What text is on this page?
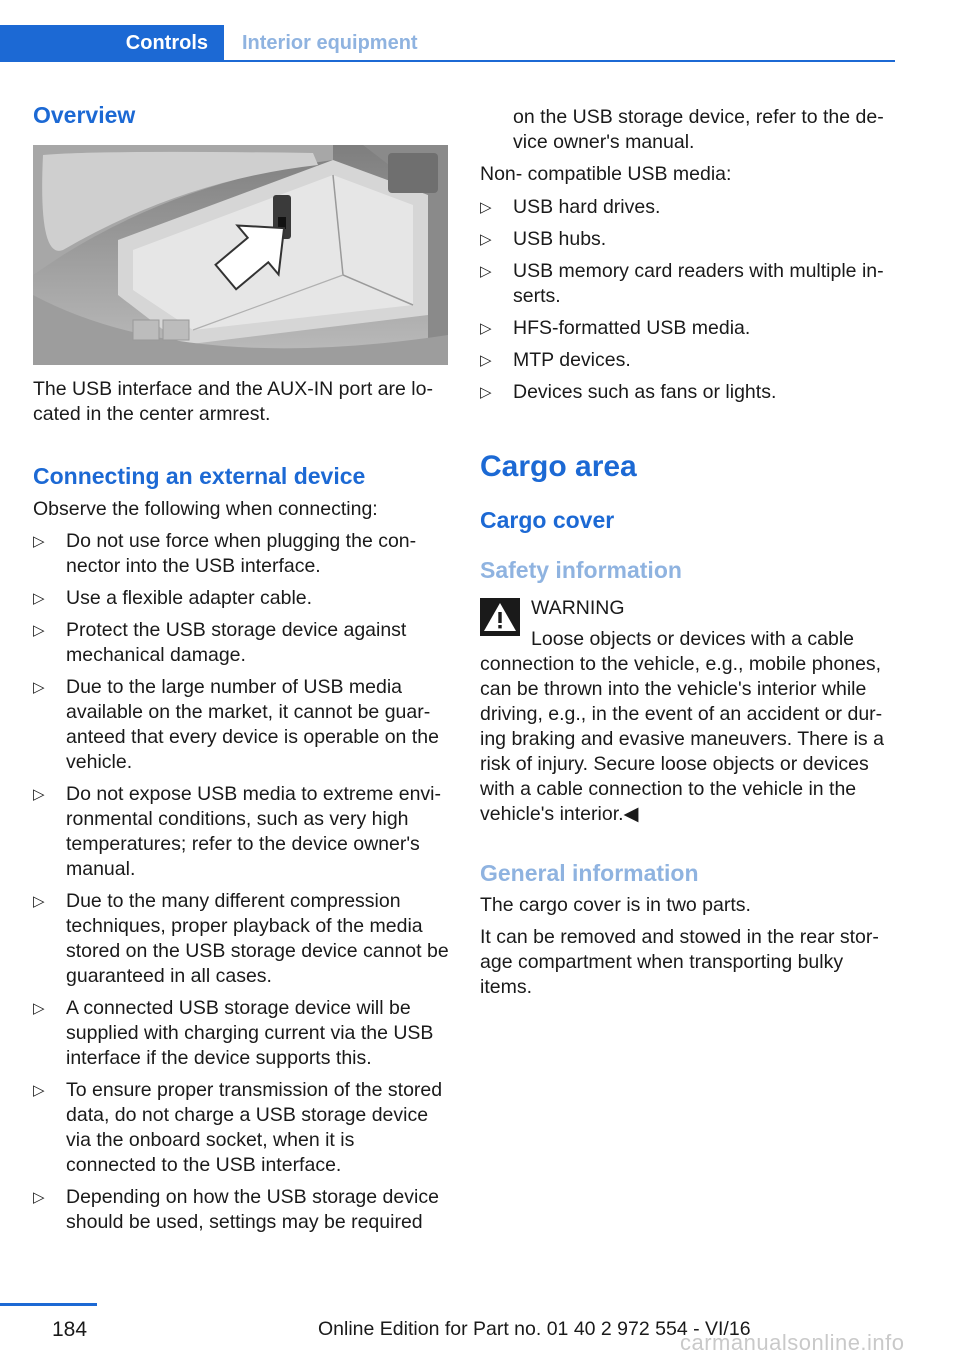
Controls	Interior equipment
Overview
The USB interface and the AUX-IN port are lo‐cated in the center armrest.
Connecting an external device
Observe the following when connecting:
▷ Do not use force when plugging the con‐nector into the USB interface.
▷ Use a flexible adapter cable.
▷ Protect the USB storage device against mechanical damage.
▷ Due to the large number of USB media available on the market, it cannot be guar‐anteed that every device is operable on the vehicle.
▷ Do not expose USB media to extreme envi‐ronmental conditions, such as very high temperatures; refer to the device owner's manual.
▷ Due to the many different compression techniques, proper playback of the media stored on the USB storage device cannot be guaranteed in all cases.
▷ A connected USB storage device will be supplied with charging current via the USB interface if the device supports this.
▷ To ensure proper transmission of the stored data, do not charge a USB storage device via the onboard socket, when it is connected to the USB interface.
▷ Depending on how the USB storage device should be used, settings may be required
on the USB storage device, refer to the de‐vice owner's manual.
Non- compatible USB media:
▷ USB hard drives.
▷ USB hubs.
▷ USB memory card readers with multiple in‐serts.
▷ HFS-formatted USB media.
▷ MTP devices.
▷ Devices such as fans or lights.
Cargo area
Cargo cover
Safety information
WARNING
Loose objects or devices with a cable
connection to the vehicle, e.g., mobile phones, can be thrown into the vehicle's interior while driving, e.g., in the event of an accident or dur‐ing braking and evasive maneuvers. There is a risk of injury. Secure loose objects or devices with a cable connection to the vehicle in the vehicle's interior.◀
General information
The cargo cover is in two parts.
It can be removed and stowed in the rear stor‐age compartment when transporting bulky items.
184	Online Edition for Part no. 01 40 2 972 554 - VI/16
carmanualsonline.info
